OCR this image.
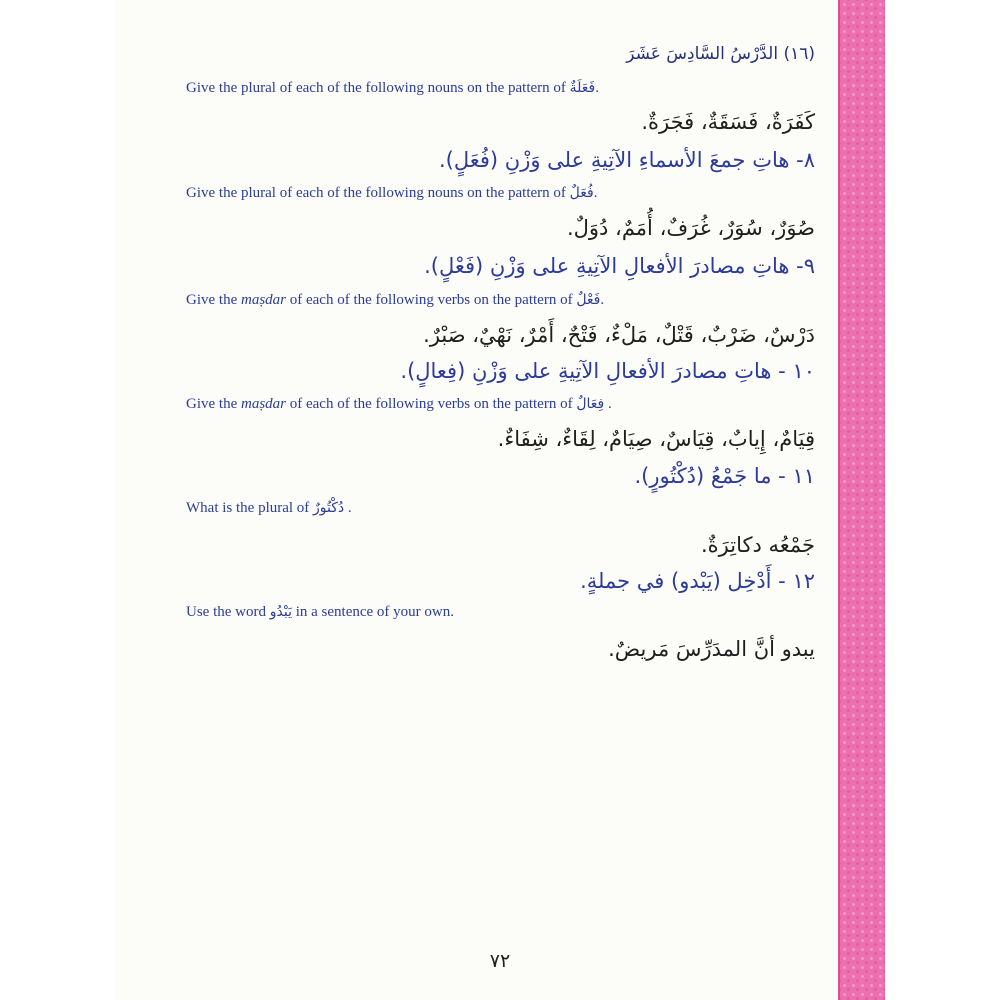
(١٦) الدَّرْسُ السَّادِسَ عَشَرَ
Give the plural of each of the following nouns on the pattern of فَعَلَةٌ.
كَفَرَةٌ، فَسَقَةٌ، فَجَرَةٌ.
٨- هاتِ جمعَ الأسماءِ الآتِيةِ على وَزْنِ (فُعَلٍ).
Give the plural of each of the following nouns on the pattern of فُعَلٌ.
صُوَرٌ، سُوَرٌ، غُرَفٌ، أُمَمٌ، دُوَلٌ.
٩- هاتِ مصادرَ الأفعالِ الآتِيةِ على وَزْنِ (فَعْلٍ).
Give the maṣdar of each of the following verbs on the pattern of فَعْلٌ.
دَرْسٌ، ضَرْبٌ، قَتْلٌ، مَلْءٌ، فَتْحٌ، أَمْرٌ، نَهْيٌ، صَبْرٌ.
١٠ - هاتِ مصادرَ الأفعالِ الآتِيةِ على وَزْنِ (فِعالٍ).
Give the maṣdar of each of the following verbs on the pattern of فِعَالٌ .
قِيَامٌ، إِيابٌ، قِيَاسٌ، صِيَامٌ، لِقَاءٌ، شِفَاءٌ.
١١ - ما جَمْعُ (دُكْتُورٍ).
What is the plural of دُكْتُورٌ .
جَمْعُه دكاتِرَةٌ.
١٢ - أَدْخِل (يَبْدو) في جملةٍ.
Use the word يَبْدُو in a sentence of your own.
يبدو أنَّ المدَرِّسَ مَريضٌ.
٧٢
